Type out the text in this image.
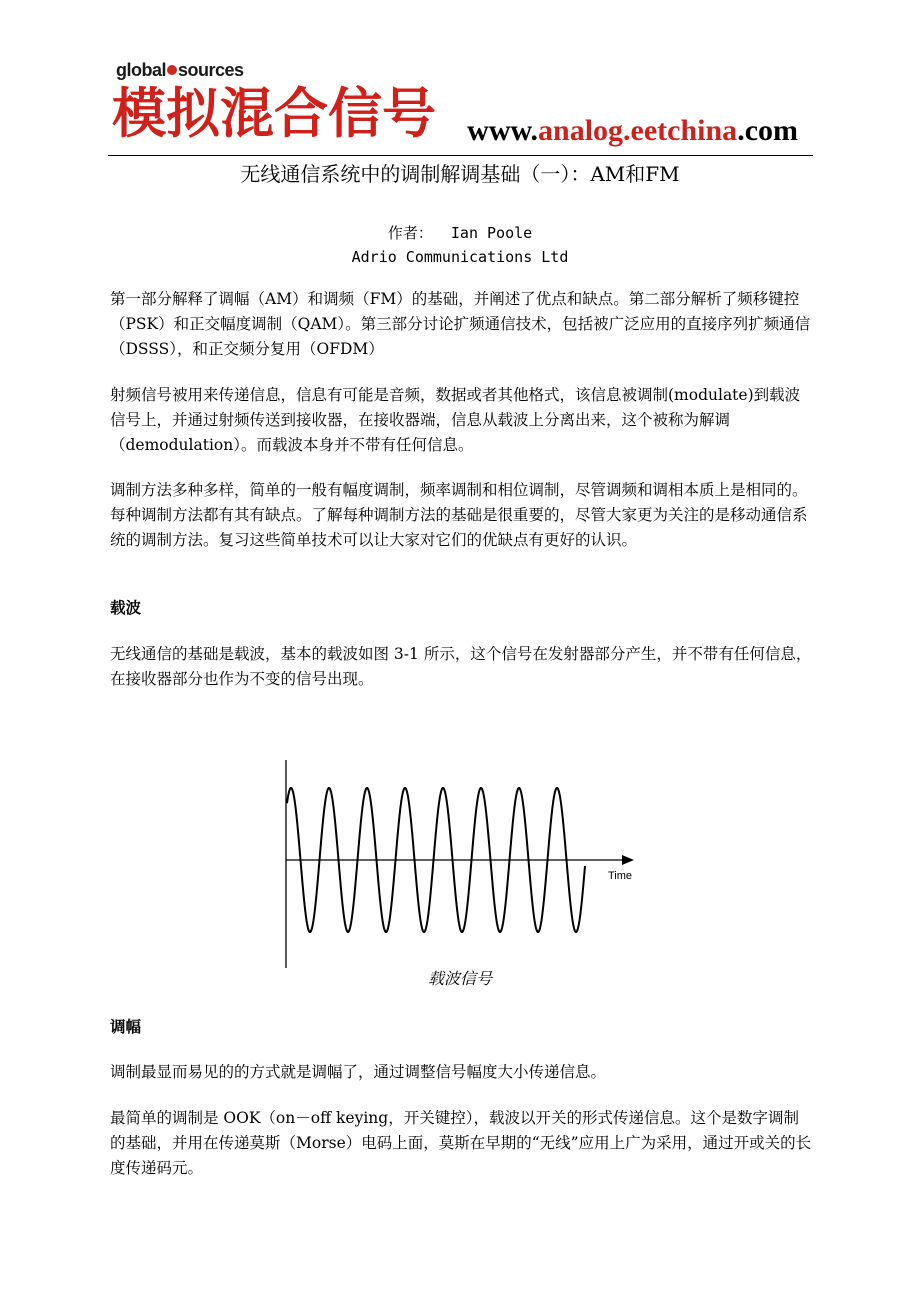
global sources
模拟混合信号 www.analog.eetchina.com
无线通信系统中的调制解调基础（一）：AM和FM
作者：  Ian Poole
Adrio Communications Ltd

第一部分解释了调幅（AM）和调频（FM）的基础，并阐述了优点和缺点。第二部分解析了频移键控（PSK）和正交幅度调制（QAM）。第三部分讨论扩频通信技术，包括被广泛应用的直接序列扩频通信（DSSS），和正交频分复用（OFDM）

射频信号被用来传递信息，信息有可能是音频，数据或者其他格式，该信息被调制(modulate)到载波信号上，并通过射频传送到接收器，在接收器端，信息从载波上分离出来，这个被称为解调（demodulation）。而载波本身并不带有任何信息。

调制方法多种多样，简单的一般有幅度调制，频率调制和相位调制，尽管调频和调相本质上是相同的。每种调制方法都有其有缺点。了解每种调制方法的基础是很重要的，尽管大家更为关注的是移动通信系统的调制方法。复习这些简单技术可以让大家对它们的优缺点有更好的认识。

载波

无线通信的基础是载波，基本的载波如图 3-1 所示，这个信号在发射器部分产生，并不带有任何信息，在接收器部分也作为不变的信号出现。

Time
载波信号

调幅

调制最显而易见的的方式就是调幅了，通过调整信号幅度大小传递信息。

最简单的调制是 OOK（on－off keying，开关键控），载波以开关的形式传递信息。这个是数字调制的基础，并用在传递莫斯（Morse）电码上面，莫斯在早期的“无线”应用上广为采用，通过开或关的长度传递码元。
